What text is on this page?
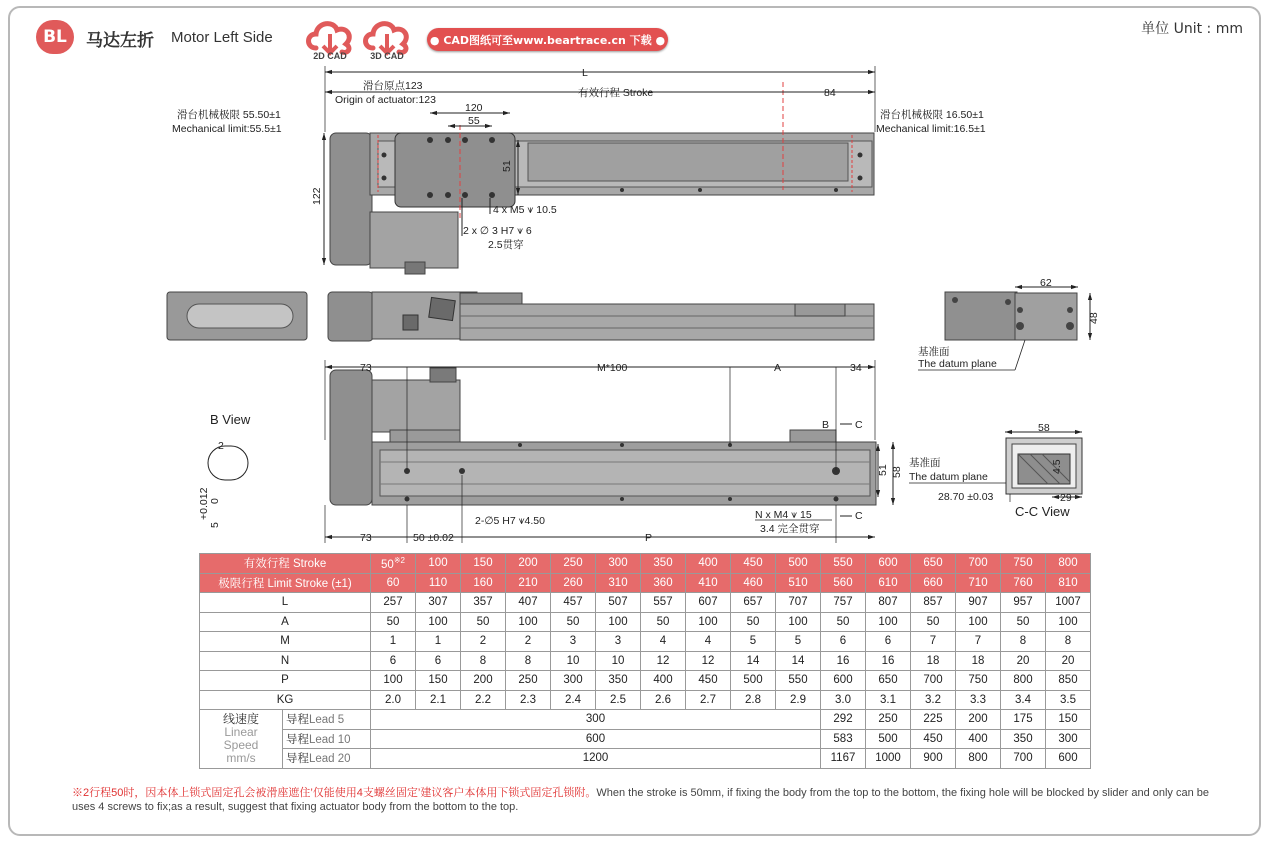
BL	马达左折 Motor Left Side
2D CAD	3D CAD
● CAD图纸可至www.beartrace.cn 下载 ●
单位 Unit : mm
L
有效行程 Stroke	84
滑台原点123
Origin of actuator:123
120
55
51
122
滑台机械极限 55.50±1
Mechanical limit:55.5±1
滑台机械极限 16.50±1
Mechanical limit:16.5±1
4 x M5 ⩛ 10.5
2 x ∅ 3 H7 ⩛ 6
2.5贯穿
62
48
基准面
The datum plane
73	M*100	A	34
B C
C
51 58
73	50 ±0.02	P
2-∅5 H7 ⩛4.50	N x M4 ⩛ 15
3.4 完全贯穿
B View
2
+0.012 0
5
58
4.5
基准面
The datum plane
28.70 ±0.03	29
C-C View
有效行程 Stroke		50$^{※2}$	100	150	200	250	300	350	400	450	500	550	600	650	700	750	800
极限行程 Limit Stroke (±1)		60	110	160	210	260	310	360	410	460	510	560	610	660	710	760	810
L		257	307	357	407	457	507	557	607	657	707	757	807	857	907	957	1007
A		50	100	50	100	50	100	50	100	50	100	50	100	50	100	50	100
M		1	1	2	2	3	3	4	4	5	5	6	6	7	7	8	8
N		6	6	8	8	10	10	12	12	14	14	16	16	18	18	20	20
P		100	150	200	250	300	350	400	450	500	550	600	650	700	750	800	850
KG		2.0	2.1	2.2	2.3	2.4	2.5	2.6	2.7	2.8	2.9	3.0	3.1	3.2	3.3	3.4	3.5

线速度
Linear
Speed
mm/s	导程Lead 5	300										292	250	225	200	175	150
	导程Lead 10	600										583	500	450	400	350	300
	导程Lead 20	1200										1167	1000	900	800	700	600
※2行程50时，因本体上锁式固定孔会被滑座遮住’仅能使用4支螺丝固定’建议客户本体用下锁式固定孔锁附。When the stroke is 50mm, if fixing the body from the top to the bottom, the fixing hole will be blocked by slider and only can be uses 4 screws to fix;as a result, suggest that fixing actuator body from the bottom to the top.
